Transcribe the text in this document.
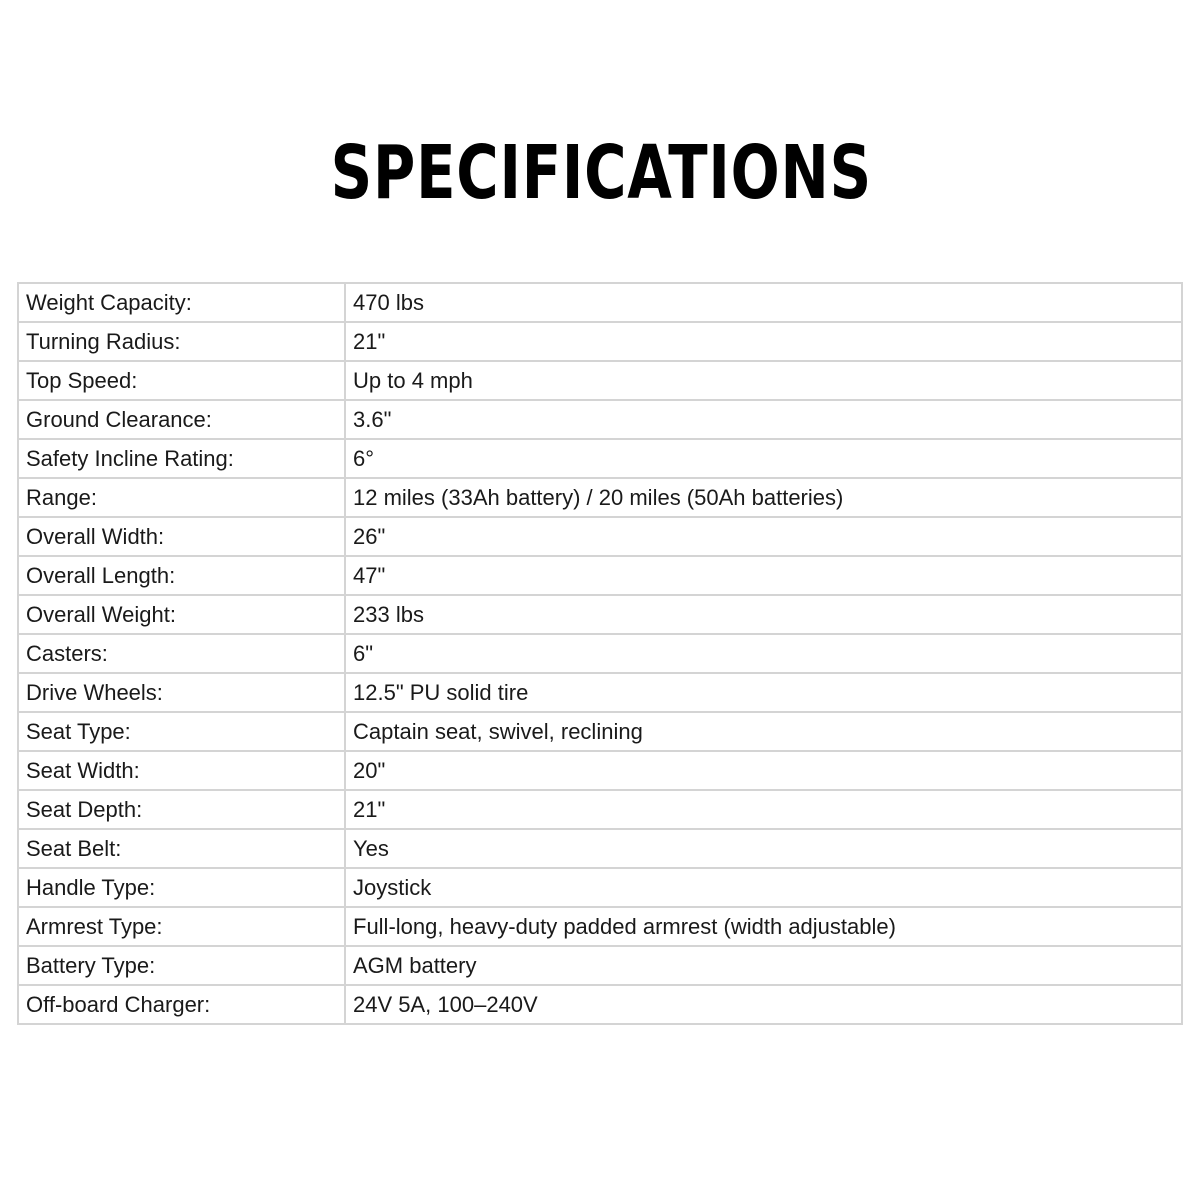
SPECIFICATIONS
Weight Capacity:	470 lbs
Turning Radius:	21"
Top Speed:	Up to 4 mph
Ground Clearance:	3.6"
Safety Incline Rating:	6°
Range:	12 miles (33Ah battery) / 20 miles (50Ah batteries)
Overall Width:	26"
Overall Length:	47"
Overall Weight:	233 lbs
Casters:	6"
Drive Wheels:	12.5" PU solid tire
Seat Type:	Captain seat, swivel, reclining
Seat Width:	20"
Seat Depth:	21"
Seat Belt:	Yes
Handle Type:	Joystick
Armrest Type:	Full-long, heavy-duty padded armrest (width adjustable)
Battery Type:	AGM battery
Off-board Charger:	24V 5A, 100–240V
